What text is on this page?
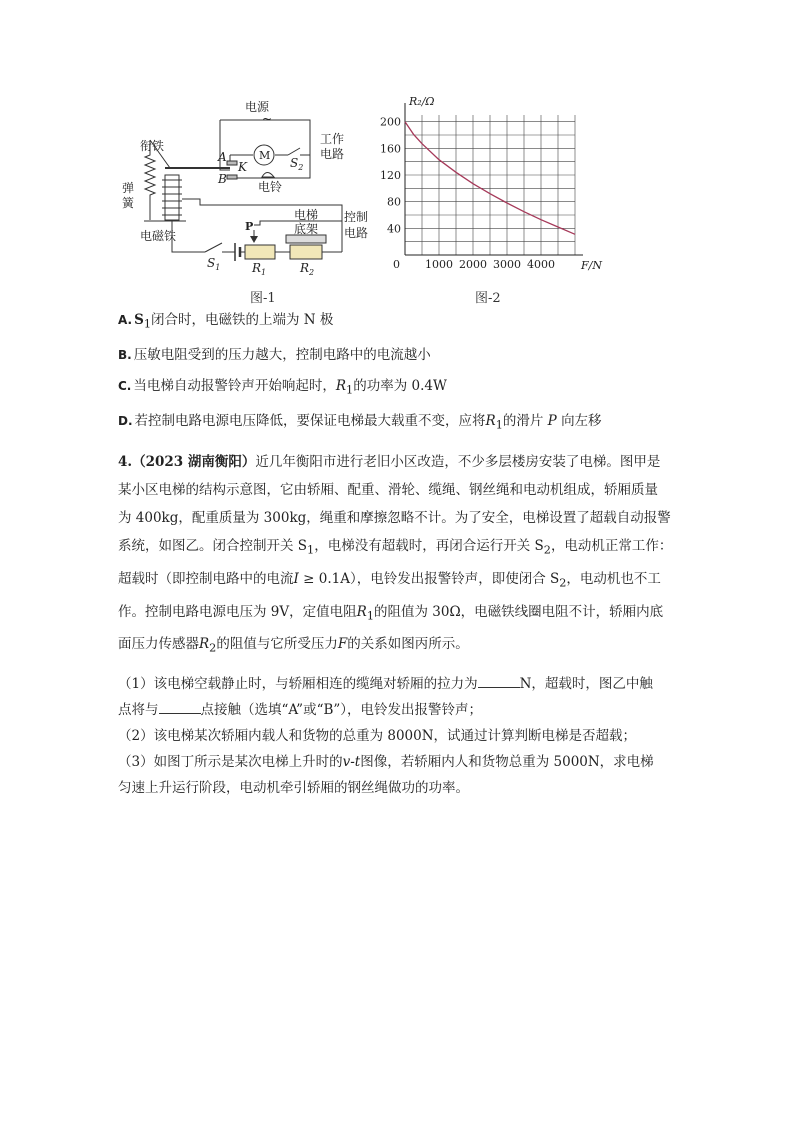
电源
~
工作
电路
衔铁
弹
簧
电磁铁
电铃
M
$S_2$
$S_1$
A
B
K
P
$R_1$	$R_2$
电梯
底架
控制
电路 40
80
120
160
200
1000 2000 3000 4000
R₂/Ω
F/N
0
图-1	图-2
A. $S_1$闭合时，电磁铁的上端为 N 极
B. 压敏电阻受到的压力越大，控制电路中的电流越小
C. 当电梯自动报警铃声开始响起时，$R_1$的功率为 0.4W
D. 若控制电路电源电压降低，要保证电梯最大载重不变，应将$R_1$的滑片 P 向左移

4.（2023 湖南衡阳）近几年衡阳市进行老旧小区改造，不少多层楼房安装了电梯。图甲是

某小区电梯的结构示意图，它由轿厢、配重、滑轮、缆绳、钢丝绳和电动机组成，轿厢质量

为 400kg，配重质量为 300kg，绳重和摩擦忽略不计。为了安全，电梯设置了超载自动报警

系统，如图乙。闭合控制开关 $S_1$，电梯没有超载时，再闭合运行开关 $S_2$，电动机正常工作：

超载时（即控制电路中的电流I ≥ 0.1A），电铃发出报警铃声，即使闭合 $S_2$，电动机也不工

作。控制电路电源电压为 9V，定值电阻$R_1$的阻值为 30Ω，电磁铁线圈电阻不计，轿厢内底

面压力传感器$R_2$的阻值与它所受压力F的关系如图丙所示。

（1）该电梯空载静止时，与轿厢相连的缆绳对轿厢的拉力为	N，超载时，图乙中触

点将与	点接触（选填“A”或“B”），电铃发出报警铃声；

（2）该电梯某次轿厢内载人和货物的总重为 8000N，试通过计算判断电梯是否超载；

（3）如图丁所示是某次电梯上升时的v-t图像，若轿厢内人和货物总重为 5000N，求电梯

匀速上升运行阶段，电动机牵引轿厢的钢丝绳做功的功率。
